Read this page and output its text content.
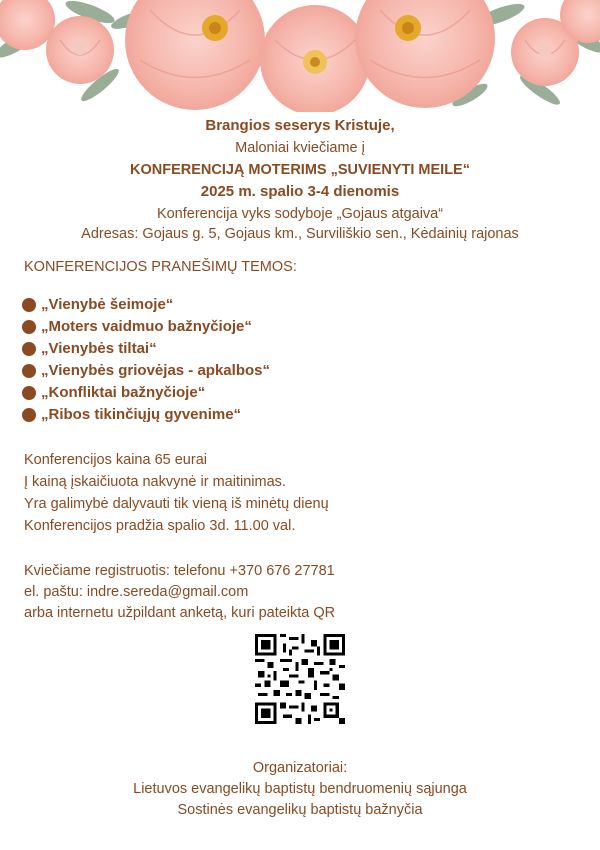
Brangios seserys Kristuje,
Maloniai kviečiame į
KONFERENCIJĄ MOTERIMS „SUVIENYTI MEILE“
2025 m. spalio 3-4 dienomis
Konferencija vyks sodyboje „Gojaus atgaiva“
Adresas: Gojaus g. 5, Gojaus km., Surviliškio sen., Kėdainių rajonas
KONFERENCIJOS PRANEŠIMŲ TEMOS:
„Vienybė šeimoje“
„Moters vaidmuo bažnyčioje“
„Vienybės tiltai“
„Vienybės griovėjas - apkalbos“
„Konfliktai bažnyčioje“
„Ribos tikinčiųjų gyvenime“
Konferencijos kaina 65 eurai
Į kainą įskaičiuota nakvynė ir maitinimas.
Yra galimybė dalyvauti tik vieną iš minėtų dienų
Konferencijos pradžia spalio 3d. 11.00 val.
Kviečiame registruotis: telefonu +370 676 27781
el. paštu: indre.sereda@gmail.com
arba internetu užpildant anketą, kuri pateikta QR
Organizatoriai:
Lietuvos evangelikų baptistų bendruomenių sąjunga
Sostinės evangelikų baptistų bažnyčia
